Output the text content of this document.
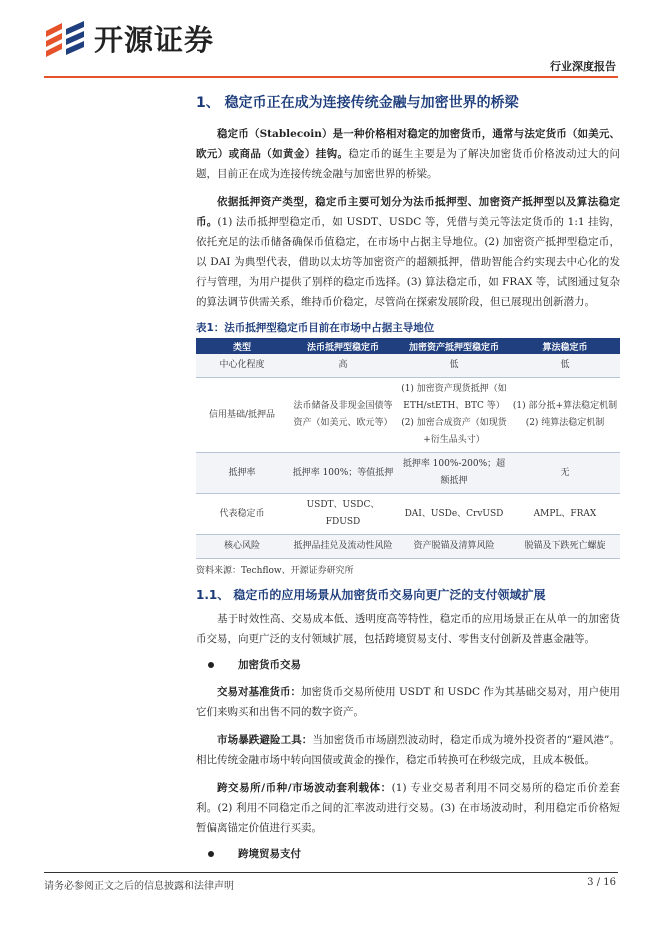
开源证券
行业深度报告
1、 稳定币正在成为连接传统金融与加密世界的桥梁

稳定币（Stablecoin）是一种价格相对稳定的加密货币，通常与法定货币（如美元、欧元）或商品（如黄金）挂钩。稳定币的诞生主要是为了解决加密货币价格波动过大的问题，目前正在成为连接传统金融与加密世界的桥梁。

依据抵押资产类型，稳定币主要可划分为法币抵押型、加密资产抵押型以及算法稳定币。(1) 法币抵押型稳定币，如 USDT、USDC 等，凭借与美元等法定货币的 1:1 挂钩，依托充足的法币储备确保币值稳定，在市场中占据主导地位。(2) 加密资产抵押型稳定币，以 DAI 为典型代表，借助以太坊等加密资产的超额抵押，借助智能合约实现去中心化的发行与管理，为用户提供了别样的稳定币选择。(3) 算法稳定币，如 FRAX 等，试图通过复杂的算法调节供需关系，维持币价稳定，尽管尚在探索发展阶段，但已展现出创新潜力。

表1：法币抵押型稳定币目前在市场中占据主导地位
类型	法币抵押型稳定币	加密资产抵押型稳定币	算法稳定币
中心化程度	高	低	低
信用基础/抵押品	法币储备及非现金国债等资产（如美元、欧元等）	(1) 加密资产现货抵押（如 ETH/stETH、BTC 等）(2) 加密合成资产（如现货+衍生品头寸）	(1) 部分抵+算法稳定机制 (2) 纯算法稳定机制
抵押率	抵押率 100%；等值抵押	抵押率 100%-200%；超额抵押	无
代表稳定币	USDT、USDC、FDUSD	DAI、USDe、CrvUSD	AMPL、FRAX
核心风险	抵押品挂兑及流动性风险	资产脱锚及清算风险	脱锚及下跌死亡螺旋
资料来源：Techflow、开源证券研究所
1.1、 稳定币的应用场景从加密货币交易向更广泛的支付领域扩展

基于时效性高、交易成本低、透明度高等特性，稳定币的应用场景正在从单一的加密货币交易，向更广泛的支付领域扩展，包括跨境贸易支付、零售支付创新及普惠金融等。

加密货币交易

交易对基准货币：加密货币交易所使用 USDT 和 USDC 作为其基础交易对，用户使用它们来购买和出售不同的数字资产。

市场暴跌避险工具：当加密货币市场剧烈波动时，稳定币成为境外投资者的“避风港”。相比传统金融市场中转向国债或黄金的操作，稳定币转换可在秒级完成，且成本极低。

跨交易所/币种/市场波动套利载体：(1) 专业交易者利用不同交易所的稳定币价差套利。(2) 利用不同稳定币之间的汇率波动进行交易。(3) 在市场波动时，利用稳定币价格短暂偏离锚定价值进行买卖。

跨境贸易支付
请务必参阅正文之后的信息披露和法律声明	3 / 16
